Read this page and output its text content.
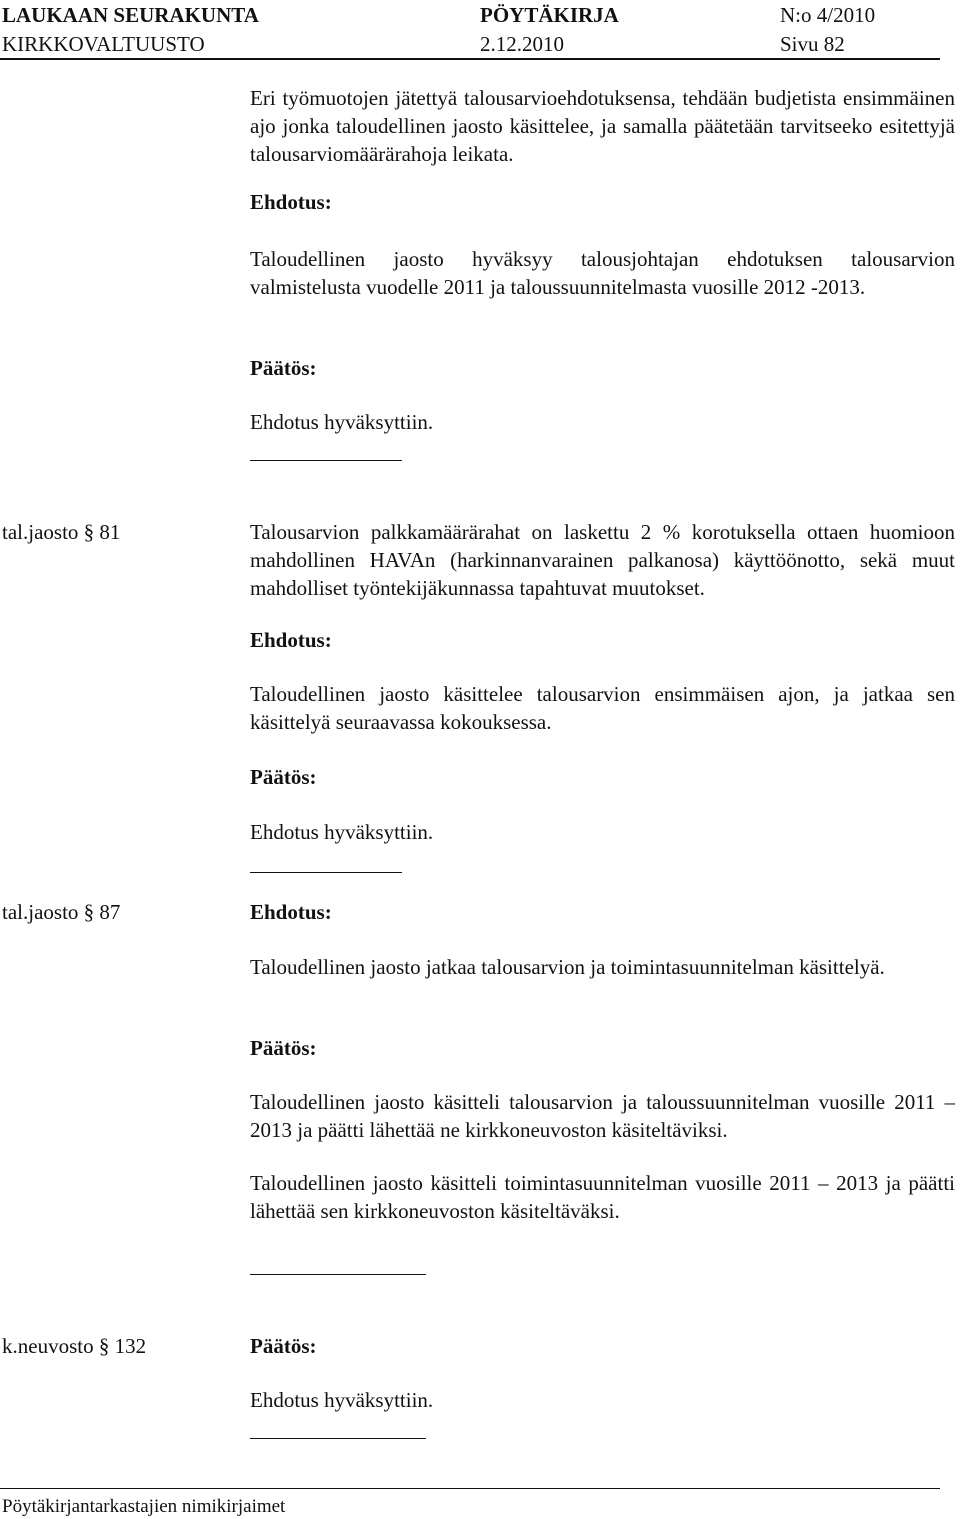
LAUKAAN SEURAKUNTA	PÖYTÄKIRJA	N:o 4/2010
KIRKKOVALTUUSTO	2.12.2010	Sivu 82

Eri työmuotojen jätettyä talousarvioehdotuksensa, tehdään budjetista ensimmäinen ajo jonka taloudellinen jaosto käsittelee, ja samalla päätetään tarvitseeko esitettyjä talousarviomäärärahoja leikata.

Ehdotus:

Taloudellinen jaosto hyväksyy talousjohtajan ehdotuksen talousarvion valmistelusta vuodelle 2011 ja taloussuunnitelmasta vuosille 2012 -2013.

Päätös:

Ehdotus hyväksyttiin.

tal.jaosto § 81	Talousarvion palkkamäärärahat on laskettu 2 % korotuksella ottaen huomioon mahdollinen HAVAn (harkinnanvarainen palkanosa) käyttöönotto, sekä muut mahdolliset työntekijäkunnassa tapahtuvat muutokset.

Ehdotus:

Taloudellinen jaosto käsittelee talousarvion ensimmäisen ajon, ja jatkaa sen käsittelyä seuraavassa kokouksessa.

Päätös:

Ehdotus hyväksyttiin.

tal.jaosto § 87	Ehdotus:

Taloudellinen jaosto jatkaa talousarvion ja toimintasuunnitelman käsittelyä.

Päätös:

Taloudellinen jaosto käsitteli talousarvion ja taloussuunnitelman vuosille 2011 – 2013 ja päätti lähettää ne kirkkoneuvoston käsiteltäviksi.

Taloudellinen jaosto käsitteli toimintasuunnitelman vuosille 2011 – 2013 ja päätti lähettää sen kirkkoneuvoston käsiteltäväksi.

k.neuvosto § 132	Päätös:

Ehdotus hyväksyttiin.

Pöytäkirjantarkastajien nimikirjaimet
